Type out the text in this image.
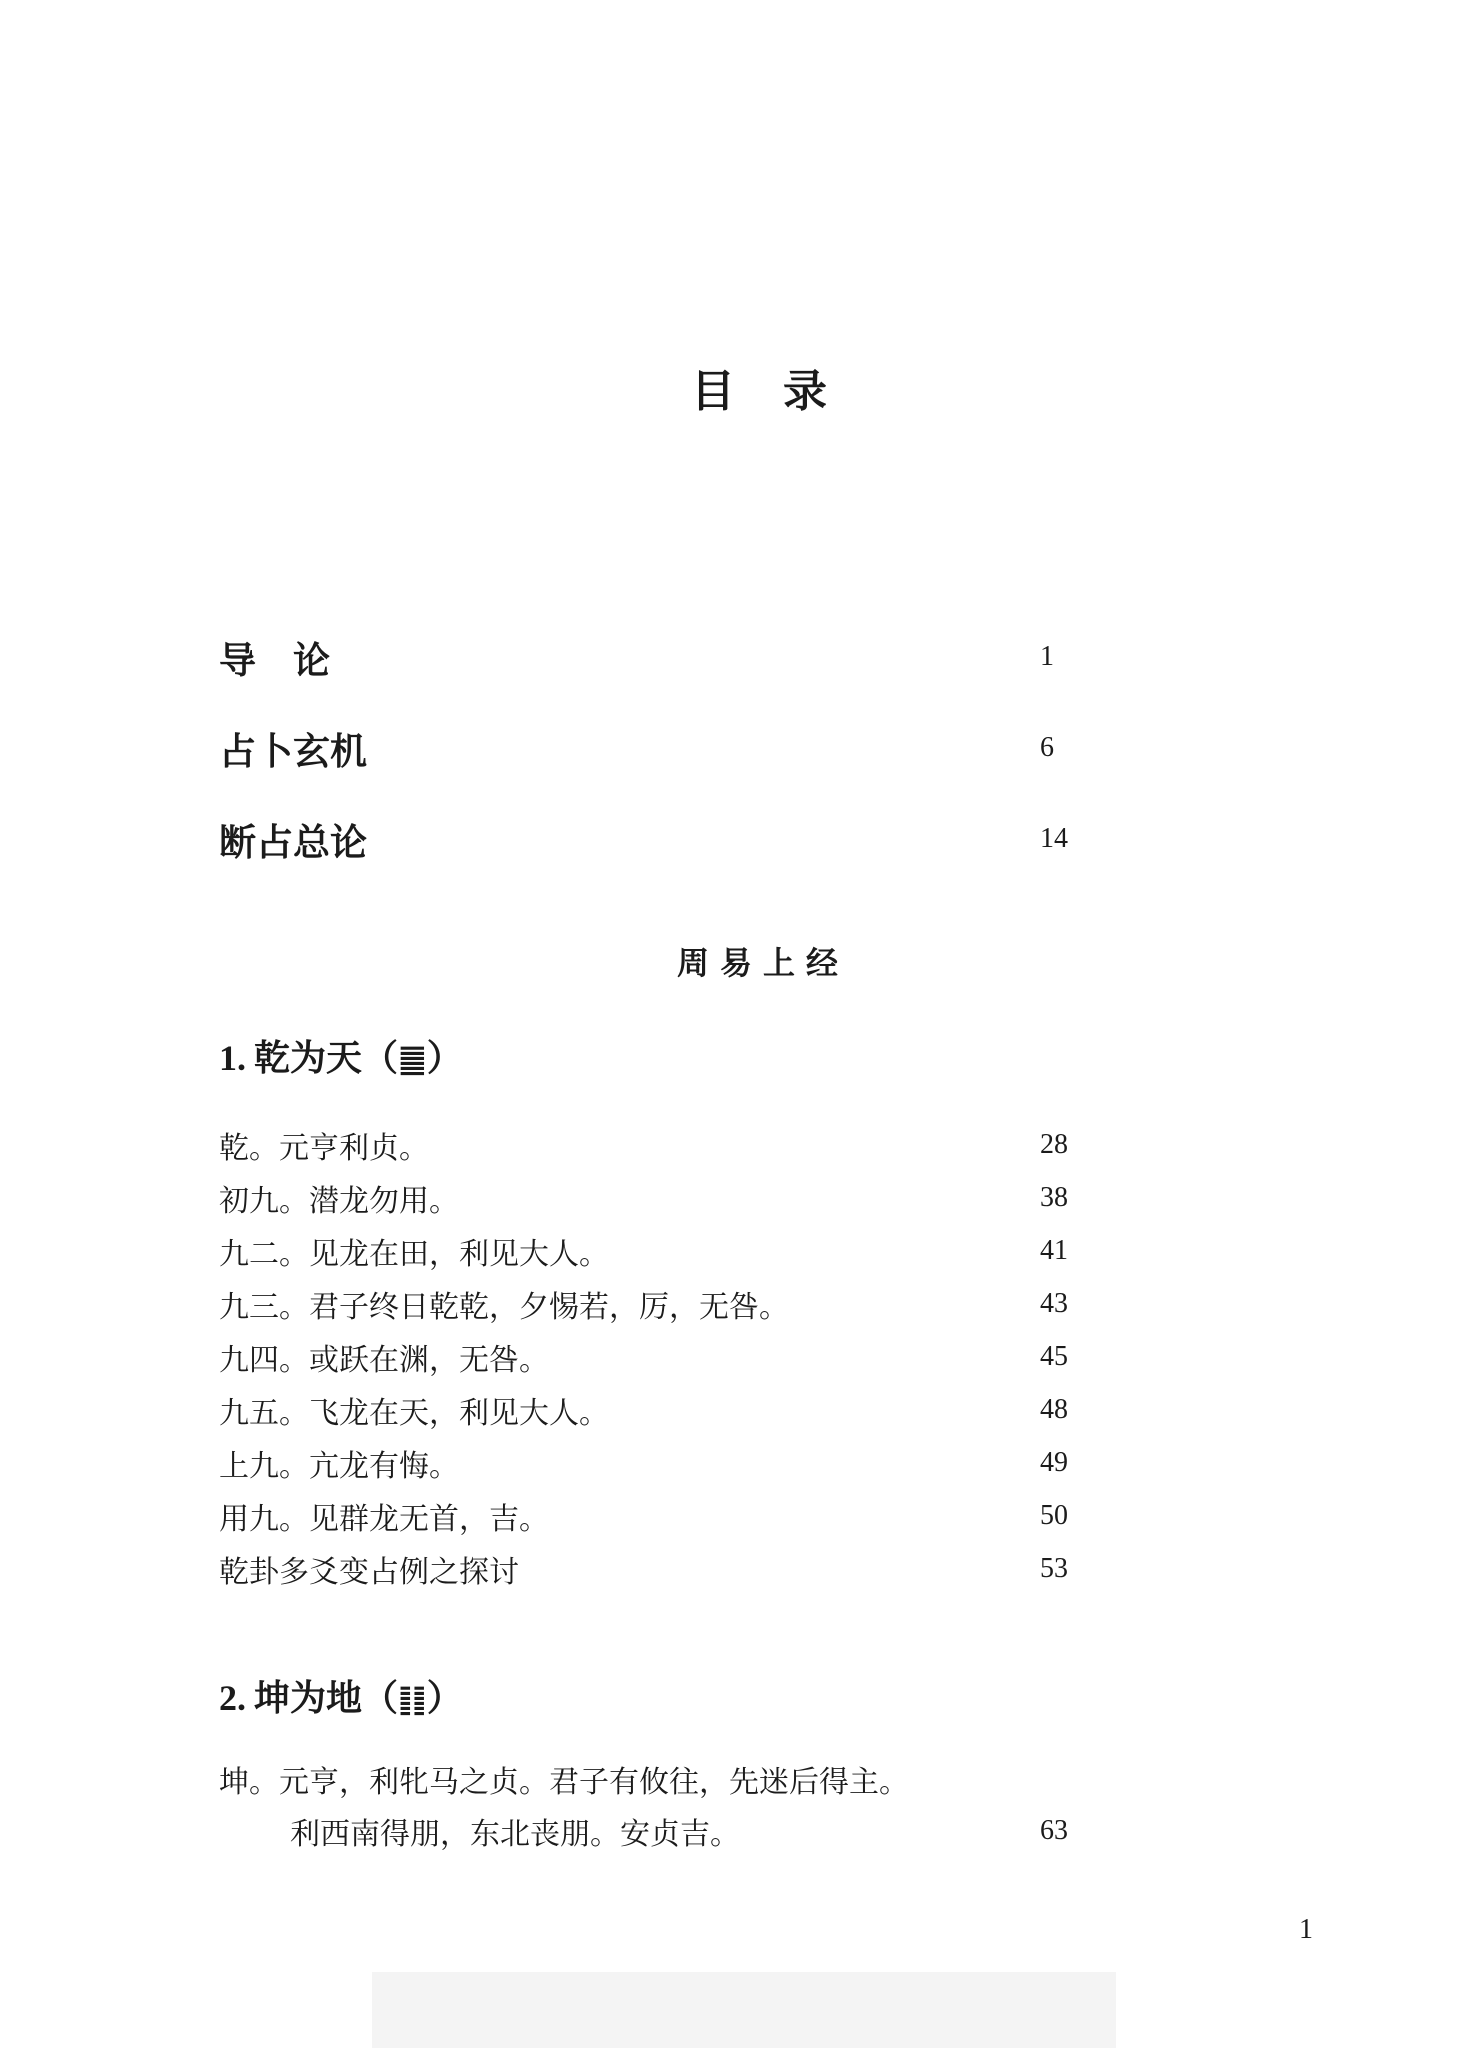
目　录
导　论	1
占卜玄机	6
断占总论	14
周易上经
1. 乾为天（䷀）
乾。元亨利贞。	28
初九。潜龙勿用。	38
九二。见龙在田，利见大人。	41
九三。君子终日乾乾，夕惕若，厉，无咎。	43
九四。或跃在渊，无咎。	45
九五。飞龙在天，利见大人。	48
上九。亢龙有悔。	49
用九。见群龙无首，吉。	50
乾卦多爻变占例之探讨	53
2. 坤为地（䷁）
坤。元亨，利牝马之贞。君子有攸往，先迷后得主。
利西南得朋，东北丧朋。安贞吉。	63
1
